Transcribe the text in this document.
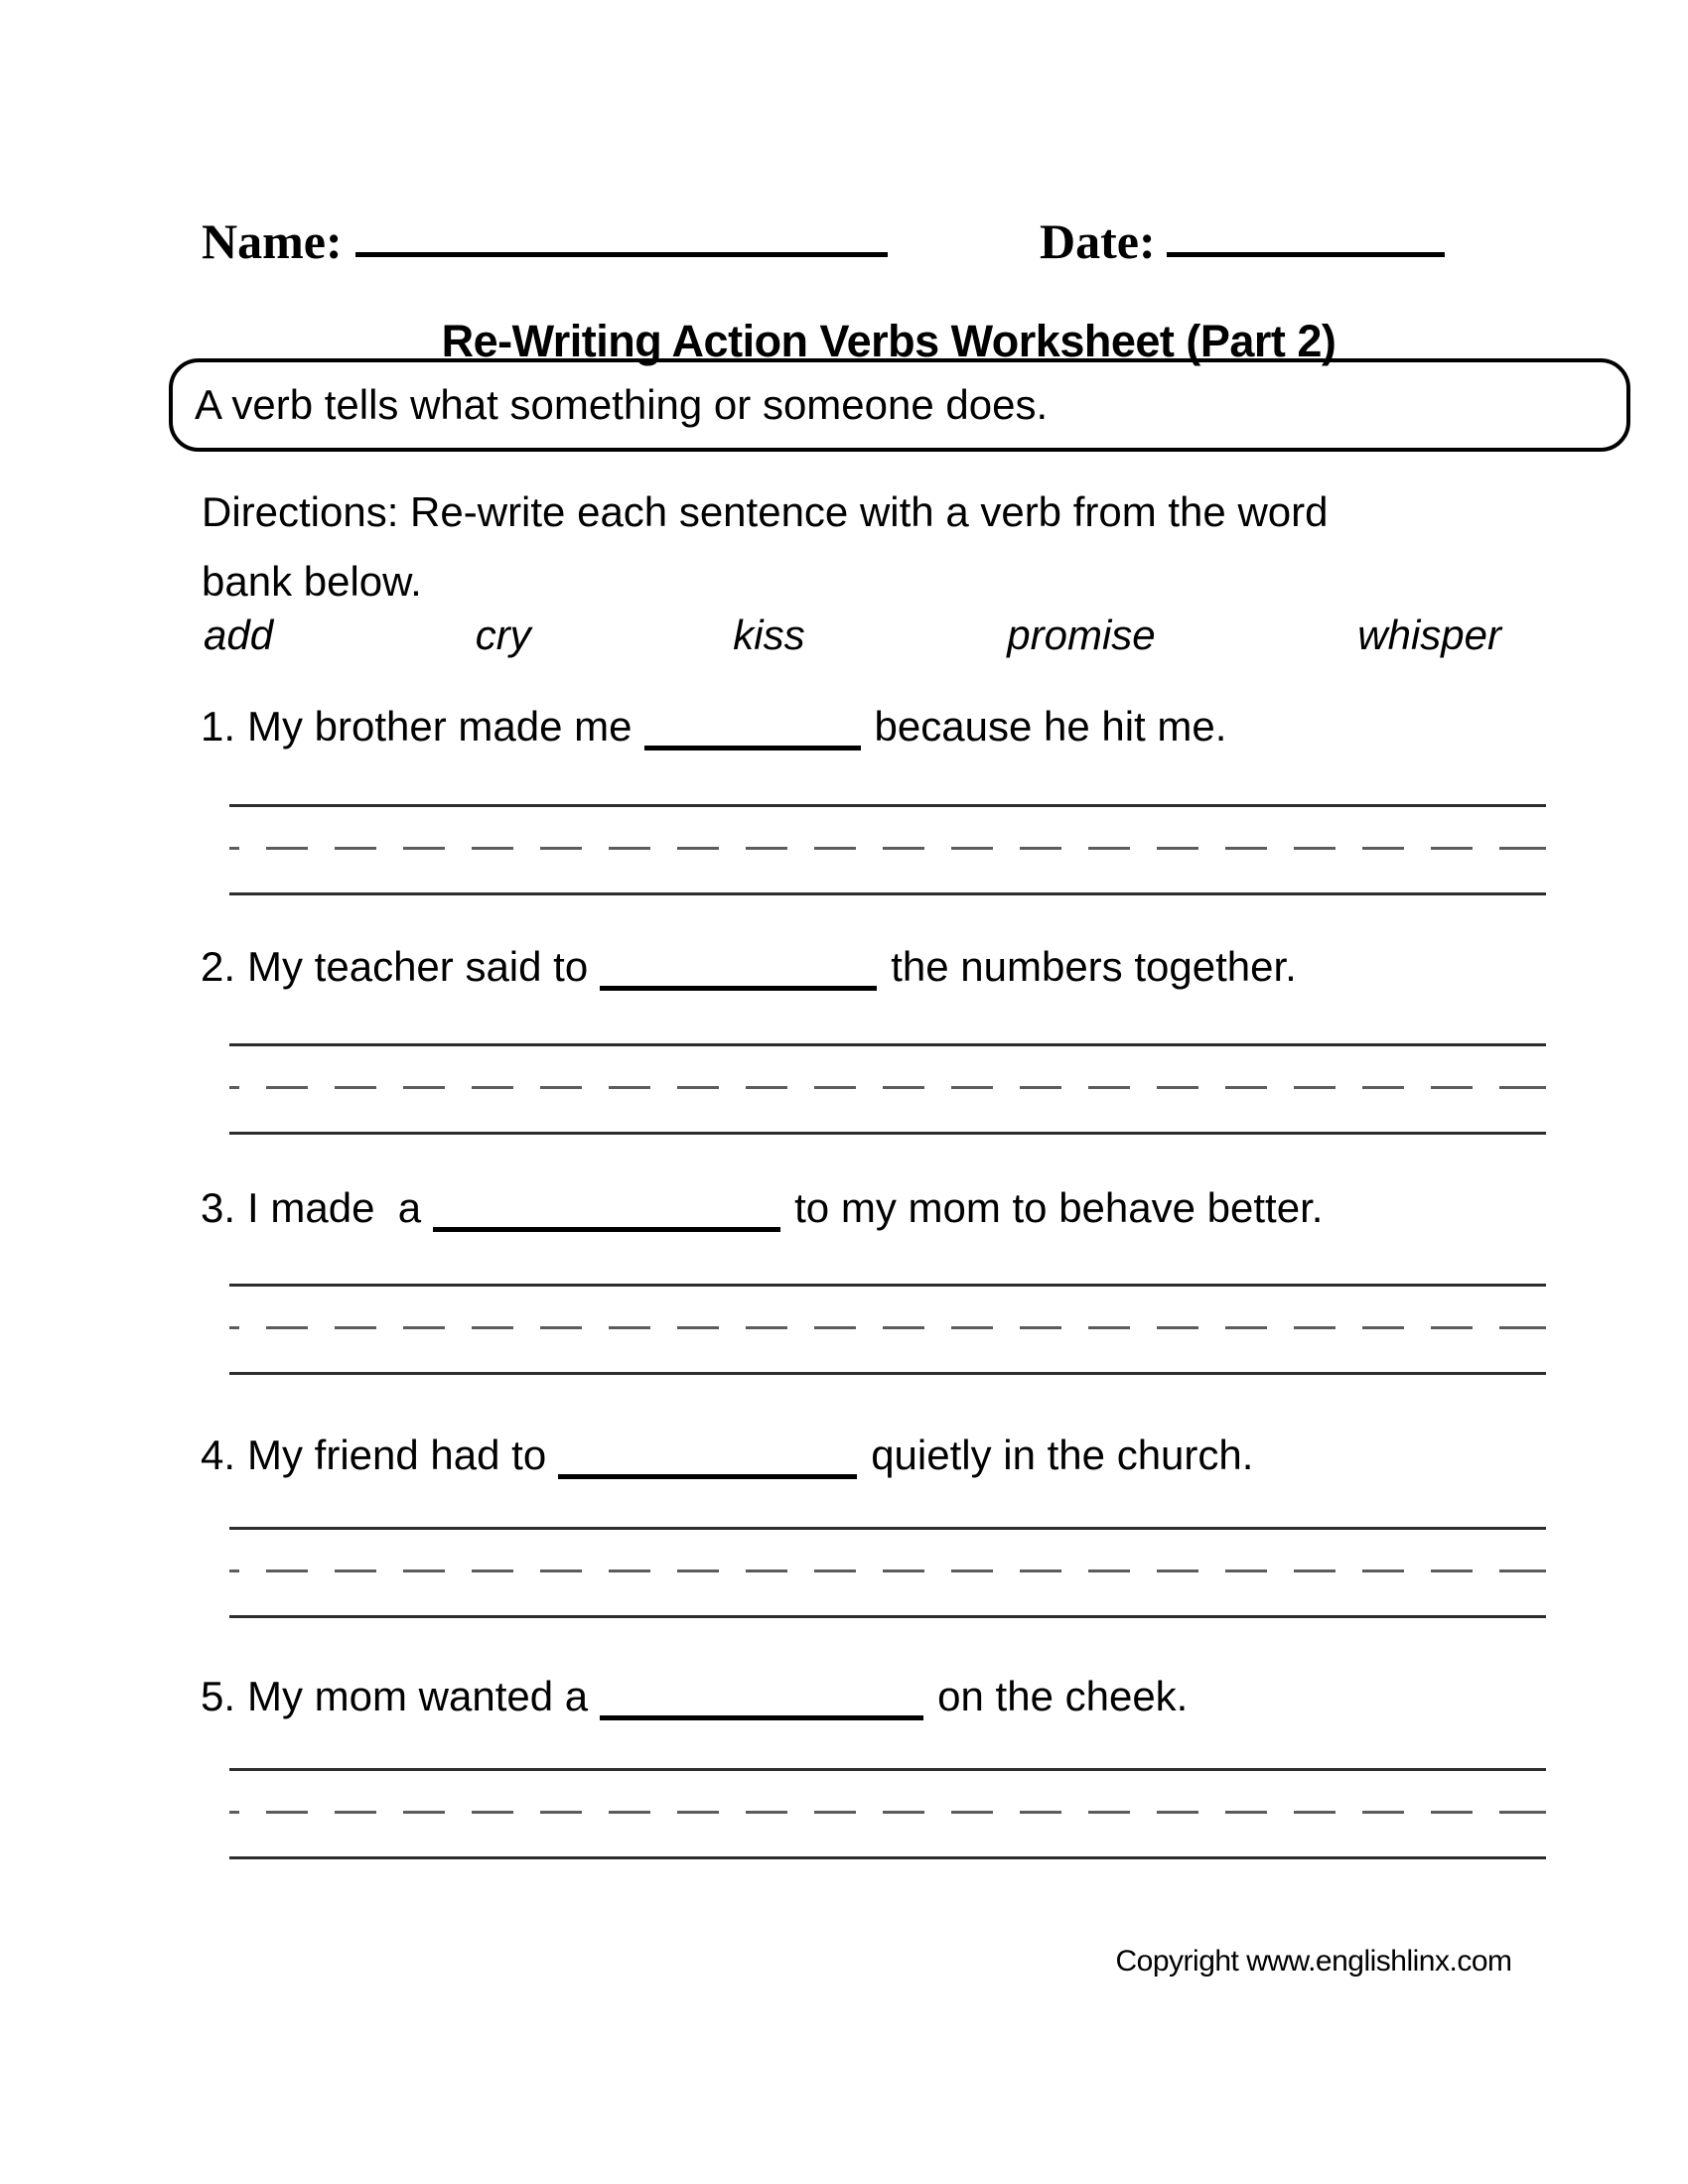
Name:	Date:
Re-Writing Action Verbs Worksheet (Part 2)
A verb tells what something or someone does.
Directions: Re-write each sentence with a verb from the word
bank below.
add	cry	kiss	promise	whisper
1. My brother made me	because he hit me.
2. My teacher said to	the numbers together.
3. I made  a	to my mom to behave better.
4. My friend had to	quietly in the church.
5. My mom wanted a	on the cheek.
Copyright www.englishlinx.com
